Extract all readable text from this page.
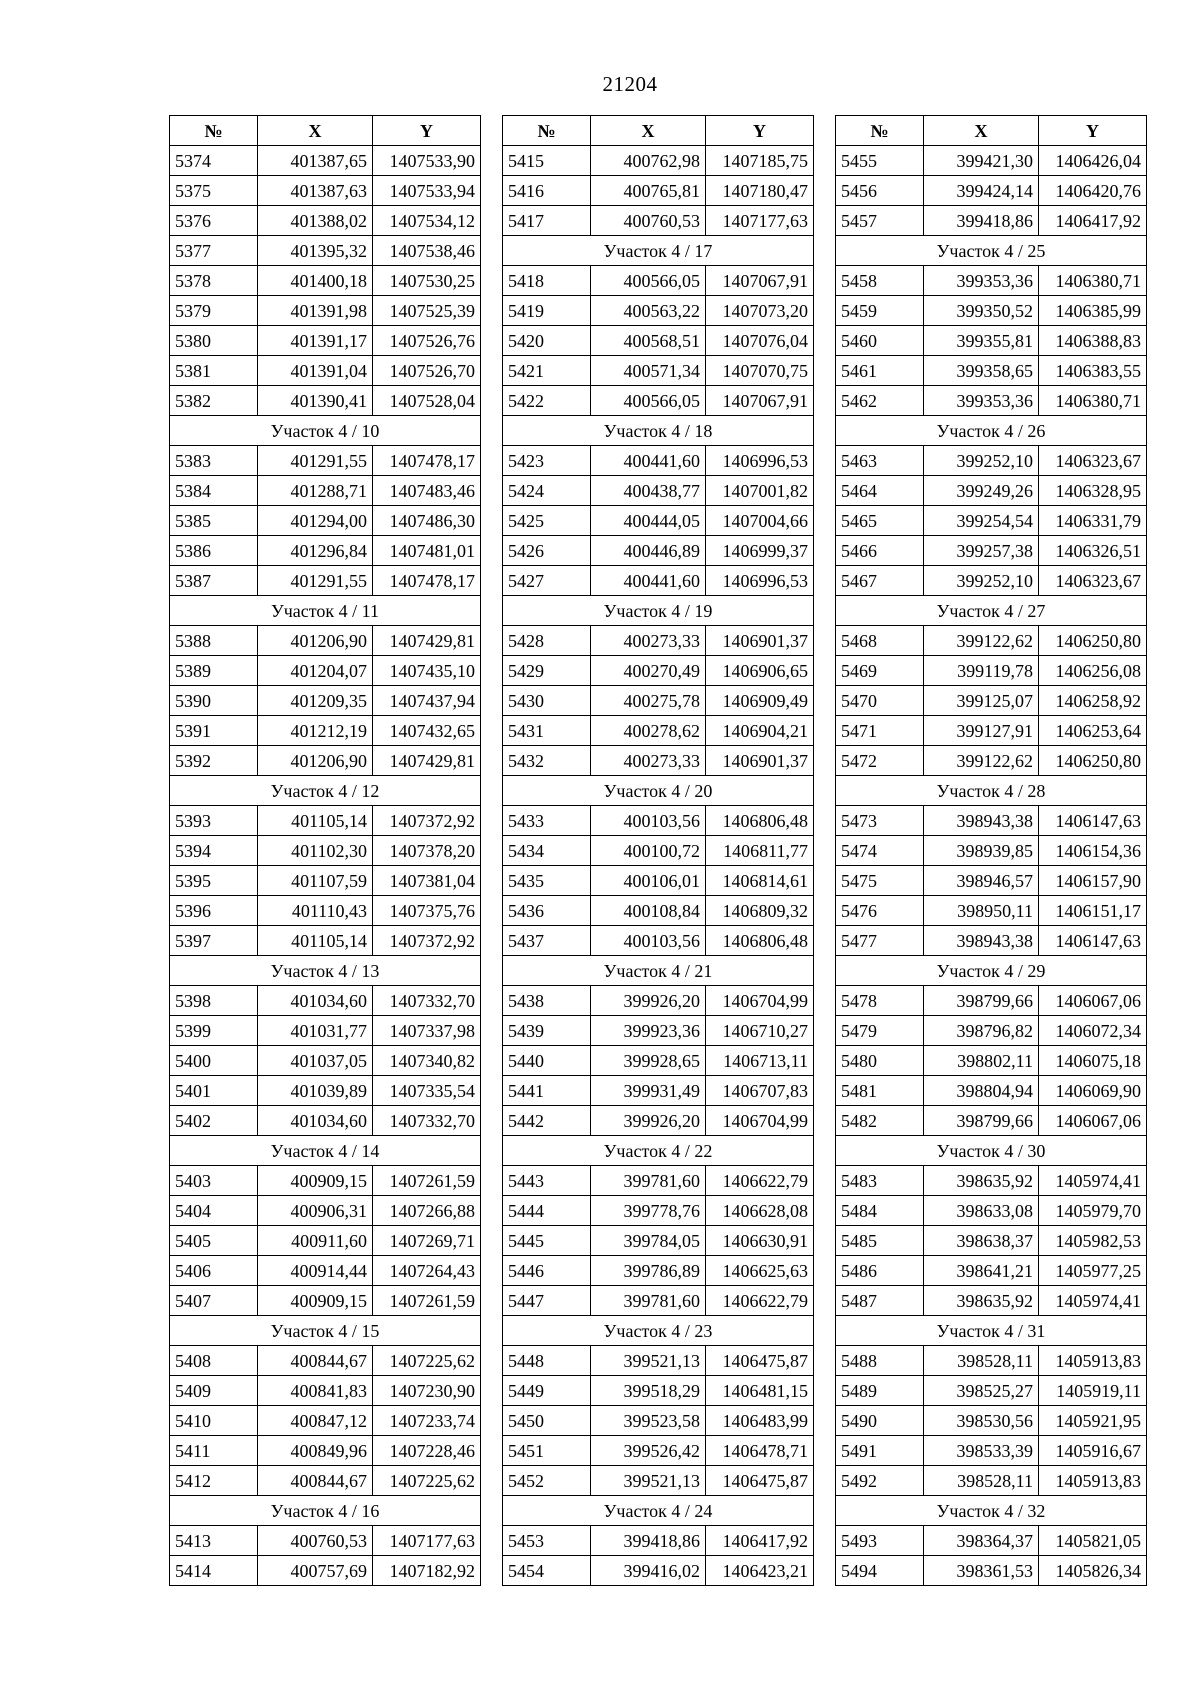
21204
№	X	Y
5374	401387,65	1407533,90
5375	401387,63	1407533,94
5376	401388,02	1407534,12
5377	401395,32	1407538,46
5378	401400,18	1407530,25
5379	401391,98	1407525,39
5380	401391,17	1407526,76
5381	401391,04	1407526,70
5382	401390,41	1407528,04
Участок 4 / 10		
5383	401291,55	1407478,17
5384	401288,71	1407483,46
5385	401294,00	1407486,30
5386	401296,84	1407481,01
5387	401291,55	1407478,17
Участок 4 / 11		
5388	401206,90	1407429,81
5389	401204,07	1407435,10
5390	401209,35	1407437,94
5391	401212,19	1407432,65
5392	401206,90	1407429,81
Участок 4 / 12		
5393	401105,14	1407372,92
5394	401102,30	1407378,20
5395	401107,59	1407381,04
5396	401110,43	1407375,76
5397	401105,14	1407372,92
Участок 4 / 13		
5398	401034,60	1407332,70
5399	401031,77	1407337,98
5400	401037,05	1407340,82
5401	401039,89	1407335,54
5402	401034,60	1407332,70
Участок 4 / 14		
5403	400909,15	1407261,59
5404	400906,31	1407266,88
5405	400911,60	1407269,71
5406	400914,44	1407264,43
5407	400909,15	1407261,59
Участок 4 / 15		
5408	400844,67	1407225,62
5409	400841,83	1407230,90
5410	400847,12	1407233,74
5411	400849,96	1407228,46
5412	400844,67	1407225,62
Участок 4 / 16		
5413	400760,53	1407177,63
5414	400757,69	1407182,92
№	X	Y
5415	400762,98	1407185,75
5416	400765,81	1407180,47
5417	400760,53	1407177,63
Участок 4 / 17		
5418	400566,05	1407067,91
5419	400563,22	1407073,20
5420	400568,51	1407076,04
5421	400571,34	1407070,75
5422	400566,05	1407067,91
Участок 4 / 18		
5423	400441,60	1406996,53
5424	400438,77	1407001,82
5425	400444,05	1407004,66
5426	400446,89	1406999,37
5427	400441,60	1406996,53
Участок 4 / 19		
5428	400273,33	1406901,37
5429	400270,49	1406906,65
5430	400275,78	1406909,49
5431	400278,62	1406904,21
5432	400273,33	1406901,37
Участок 4 / 20		
5433	400103,56	1406806,48
5434	400100,72	1406811,77
5435	400106,01	1406814,61
5436	400108,84	1406809,32
5437	400103,56	1406806,48
Участок 4 / 21		
5438	399926,20	1406704,99
5439	399923,36	1406710,27
5440	399928,65	1406713,11
5441	399931,49	1406707,83
5442	399926,20	1406704,99
Участок 4 / 22		
5443	399781,60	1406622,79
5444	399778,76	1406628,08
5445	399784,05	1406630,91
5446	399786,89	1406625,63
5447	399781,60	1406622,79
Участок 4 / 23		
5448	399521,13	1406475,87
5449	399518,29	1406481,15
5450	399523,58	1406483,99
5451	399526,42	1406478,71
5452	399521,13	1406475,87
Участок 4 / 24		
5453	399418,86	1406417,92
5454	399416,02	1406423,21
№	X	Y
5455	399421,30	1406426,04
5456	399424,14	1406420,76
5457	399418,86	1406417,92
Участок 4 / 25		
5458	399353,36	1406380,71
5459	399350,52	1406385,99
5460	399355,81	1406388,83
5461	399358,65	1406383,55
5462	399353,36	1406380,71
Участок 4 / 26		
5463	399252,10	1406323,67
5464	399249,26	1406328,95
5465	399254,54	1406331,79
5466	399257,38	1406326,51
5467	399252,10	1406323,67
Участок 4 / 27		
5468	399122,62	1406250,80
5469	399119,78	1406256,08
5470	399125,07	1406258,92
5471	399127,91	1406253,64
5472	399122,62	1406250,80
Участок 4 / 28		
5473	398943,38	1406147,63
5474	398939,85	1406154,36
5475	398946,57	1406157,90
5476	398950,11	1406151,17
5477	398943,38	1406147,63
Участок 4 / 29		
5478	398799,66	1406067,06
5479	398796,82	1406072,34
5480	398802,11	1406075,18
5481	398804,94	1406069,90
5482	398799,66	1406067,06
Участок 4 / 30		
5483	398635,92	1405974,41
5484	398633,08	1405979,70
5485	398638,37	1405982,53
5486	398641,21	1405977,25
5487	398635,92	1405974,41
Участок 4 / 31		
5488	398528,11	1405913,83
5489	398525,27	1405919,11
5490	398530,56	1405921,95
5491	398533,39	1405916,67
5492	398528,11	1405913,83
Участок 4 / 32		
5493	398364,37	1405821,05
5494	398361,53	1405826,34
